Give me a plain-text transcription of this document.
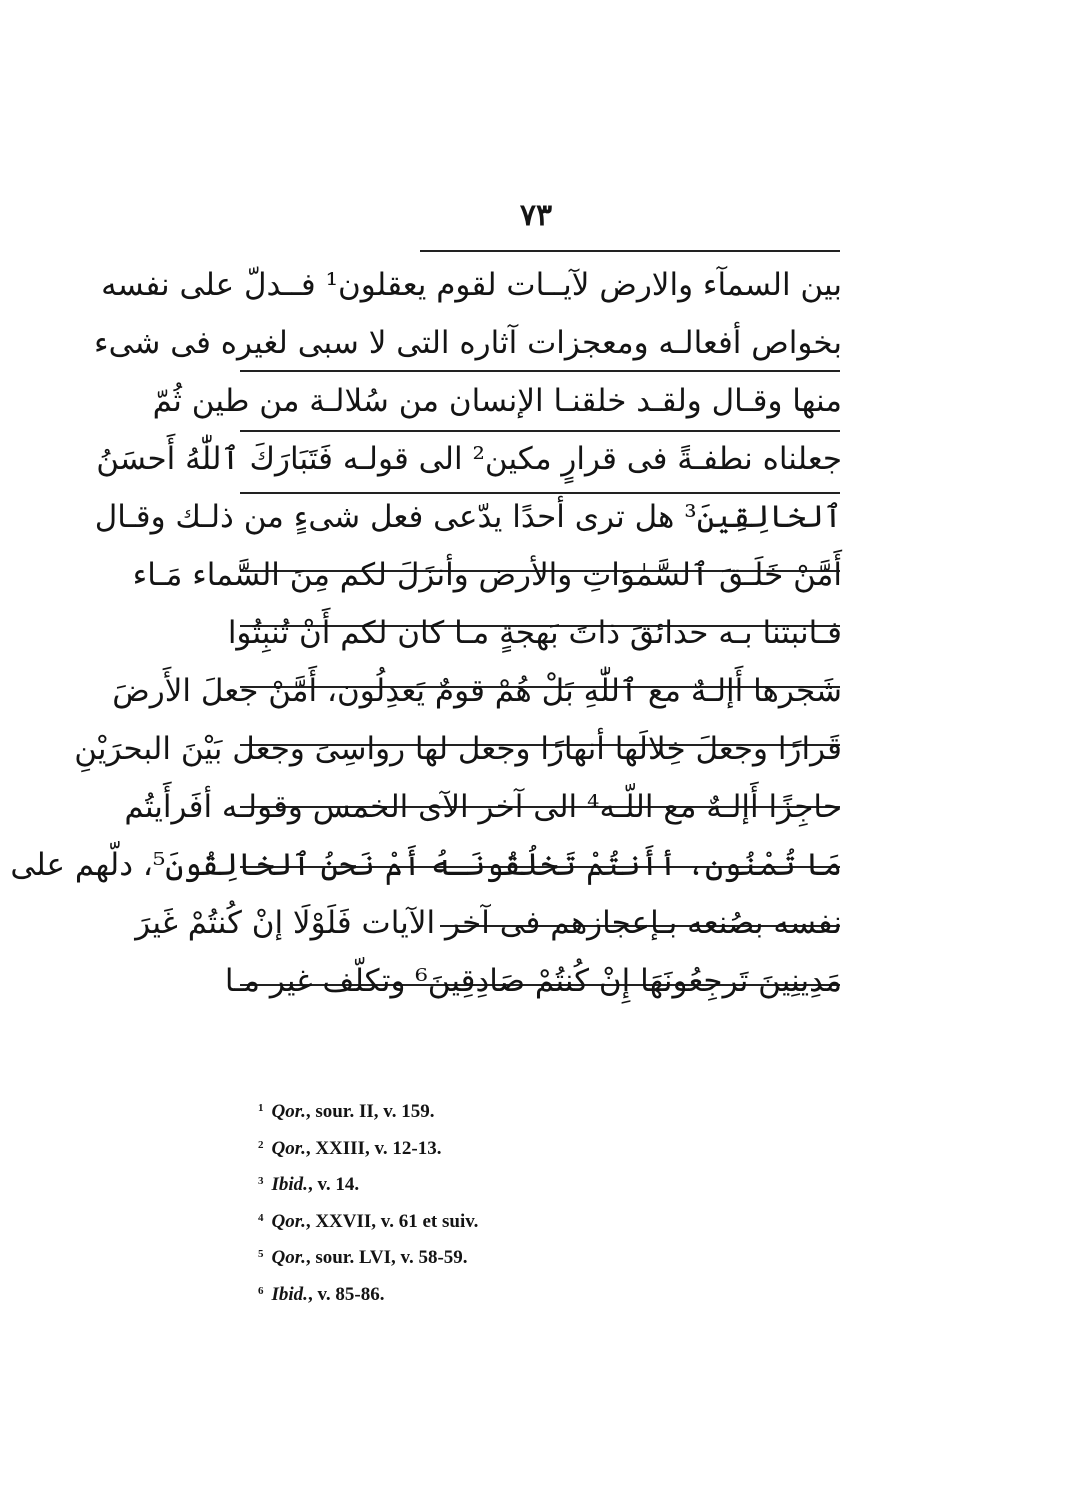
٧٣
بين السمآء والارض لآيــات لقوم يعقلون¹ فــدلّ على نفسه
بخواص أفعالـه ومعجزات آثاره التى لا سبى لغيره فى شىء
منها وقـال ولقـد خلقنـا الإنسان من سُلالـة من طين ثُمّ
جعلناه نطفـةً فى قرارٍ مكين² الى قولـه فَتَبَارَكَ ٱللّٰهُ أَحسَنُ
ٱلخالِقِينَ³ هل ترى أحدًا يدّعى فعل شىءٍ من ذلـك وقـال
أَمَّنْ خَلَـقَ ٱلسَّمٰوَاتِ والأرض وأنزَلَ لكم مِنَ السَّماء مَـاء
فـانبتنا بـه حدائقَ ذاتَ بَهجةٍ مـا كان لكم أَنْ تُنبِتُوا
شَجرها أَإلـهٌ مع ٱللّٰهِ بَلْ هُمْ قومٌ يَعدِلُون، أَمَّنْ جعلَ الأَرضَ
قَرارًا وجعلَ خِلالَها أنهارًا وجعل لها رواسِىَ وجعل بَيْنَ البحرَيْنِ
حاجِزًا أَإلـهٌ مع اللّـه⁴ الى آخر الآى الخمس وقولـه أفَرأَيتُم
مَا تُمْنُون، أأَنتُمْ تَخلُقُونَـهُ أَمْ نَحنُ ٱلخالِقُونَ⁵، دلّهم على
نفسه بصُنعه بـإعجازهم فى آخر الآيات فَلَوْلَا إنْ كُنتُمْ غَيرَ
مَدِينِينَ تَرجِعُونَهَا إِنْ كُنتُمْ صَادِقِينَ⁶ وتكلّف غير مـا
$^1$ Qor., sour. II, v. 159.
$^2$ Qor., XXIII, v. 12-13.
$^3$ Ibid., v. 14.
$^4$ Qor., XXVII, v. 61 et suiv.
$^5$ Qor., sour. LVI, v. 58-59.
$^6$ Ibid., v. 85-86.
